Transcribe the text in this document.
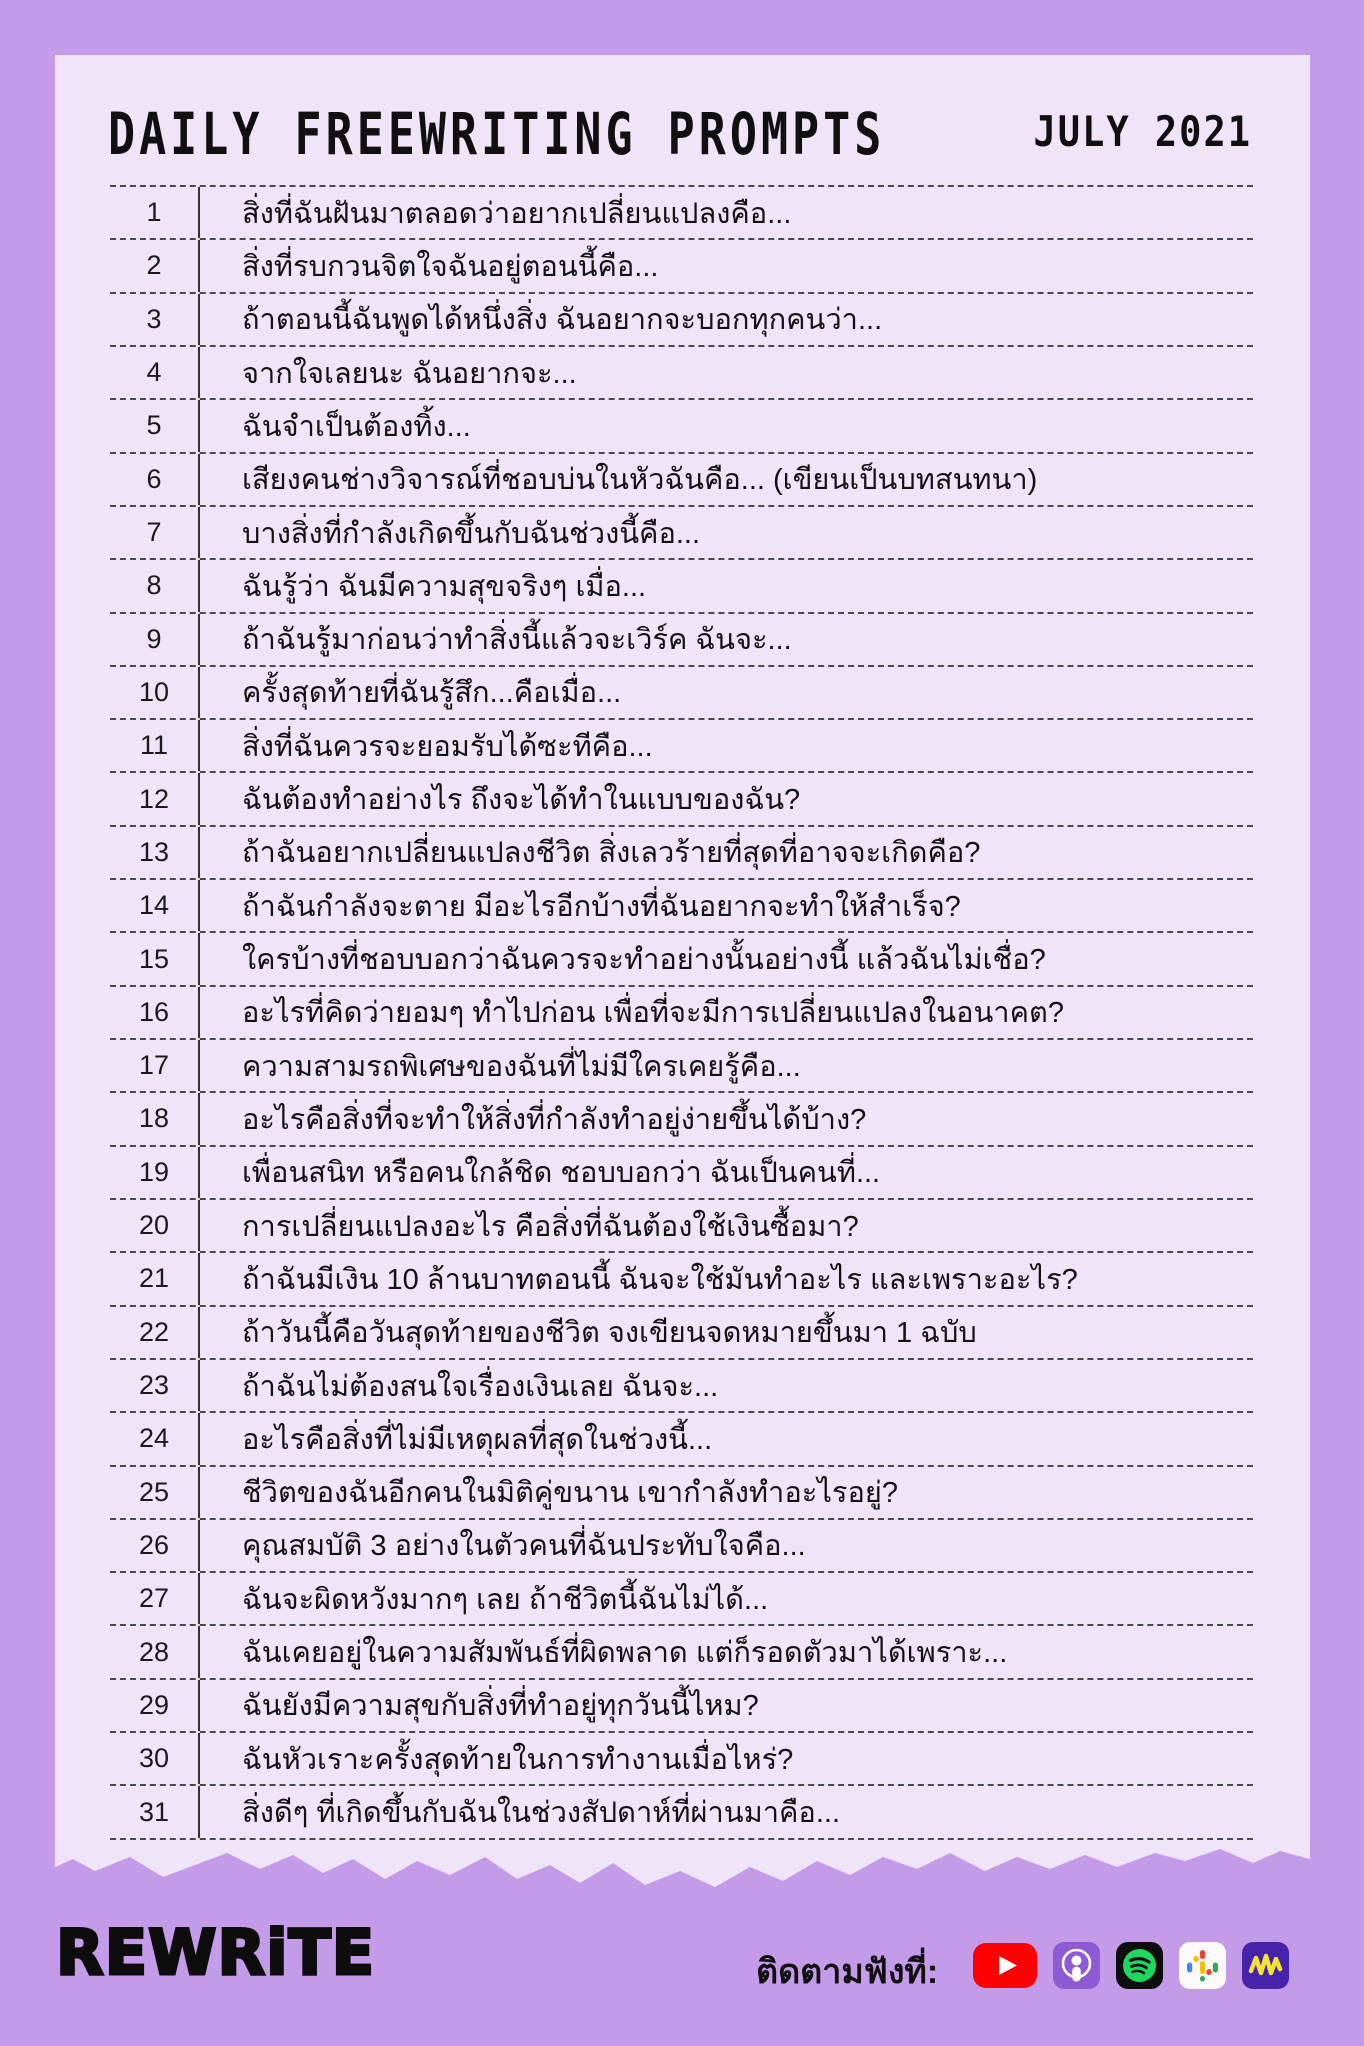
DAILY FREEWRITING PROMPTS	JULY 2021
1	สิ่งที่ฉันฝันมาตลอดว่าอยากเปลี่ยนแปลงคือ...
2	สิ่งที่รบกวนจิตใจฉันอยู่ตอนนี้คือ...
3	ถ้าตอนนี้ฉันพูดได้หนึ่งสิ่ง ฉันอยากจะบอกทุกคนว่า...
4	จากใจเลยนะ ฉันอยากจะ...
5	ฉันจำเป็นต้องทิ้ง...
6	เสียงคนช่างวิจารณ์ที่ชอบบ่นในหัวฉันคือ... (เขียนเป็นบทสนทนา)
7	บางสิ่งที่กำลังเกิดขึ้นกับฉันช่วงนี้คือ...
8	ฉันรู้ว่า ฉันมีความสุขจริงๆ เมื่อ...
9	ถ้าฉันรู้มาก่อนว่าทำสิ่งนี้แล้วจะเวิร์ค ฉันจะ...
10	ครั้งสุดท้ายที่ฉันรู้สึก...คือเมื่อ...
11	สิ่งที่ฉันควรจะยอมรับได้ซะทีคือ...
12	ฉันต้องทำอย่างไร ถึงจะได้ทำในแบบของฉัน?
13	ถ้าฉันอยากเปลี่ยนแปลงชีวิต สิ่งเลวร้ายที่สุดที่อาจจะเกิดคือ?
14	ถ้าฉันกำลังจะตาย มีอะไรอีกบ้างที่ฉันอยากจะทำให้สำเร็จ?
15	ใครบ้างที่ชอบบอกว่าฉันควรจะทำอย่างนั้นอย่างนี้ แล้วฉันไม่เชื่อ?
16	อะไรที่คิดว่ายอมๆ ทำไปก่อน เพื่อที่จะมีการเปลี่ยนแปลงในอนาคต?
17	ความสามรถพิเศษของฉันที่ไม่มีใครเคยรู้คือ...
18	อะไรคือสิ่งที่จะทำให้สิ่งที่กำลังทำอยู่ง่ายขึ้นได้บ้าง?
19	เพื่อนสนิท หรือคนใกล้ชิด ชอบบอกว่า ฉันเป็นคนที่...
20	การเปลี่ยนแปลงอะไร คือสิ่งที่ฉันต้องใช้เงินซื้อมา?
21	ถ้าฉันมีเงิน 10 ล้านบาทตอนนี้ ฉันจะใช้มันทำอะไร และเพราะอะไร?
22	ถ้าวันนี้คือวันสุดท้ายของชีวิต จงเขียนจดหมายขึ้นมา 1 ฉบับ
23	ถ้าฉันไม่ต้องสนใจเรื่องเงินเลย ฉันจะ...
24	อะไรคือสิ่งที่ไม่มีเหตุผลที่สุดในช่วงนี้...
25	ชีวิตของฉันอีกคนในมิติคู่ขนาน เขากำลังทำอะไรอยู่?
26	คุณสมบัติ 3 อย่างในตัวคนที่ฉันประทับใจคือ...
27	ฉันจะผิดหวังมากๆ เลย ถ้าชีวิตนี้ฉันไม่ได้...
28	ฉันเคยอยู่ในความสัมพันธ์ที่ผิดพลาด แต่ก็รอดตัวมาได้เพราะ...
29	ฉันยังมีความสุขกับสิ่งที่ทำอยู่ทุกวันนี้ไหม?
30	ฉันหัวเราะครั้งสุดท้ายในการทำงานเมื่อไหร่?
31	สิ่งดีๆ ที่เกิดขึ้นกับฉันในช่วงสัปดาห์ที่ผ่านมาคือ...
REWRiTE	ติดตามฟังที่:
